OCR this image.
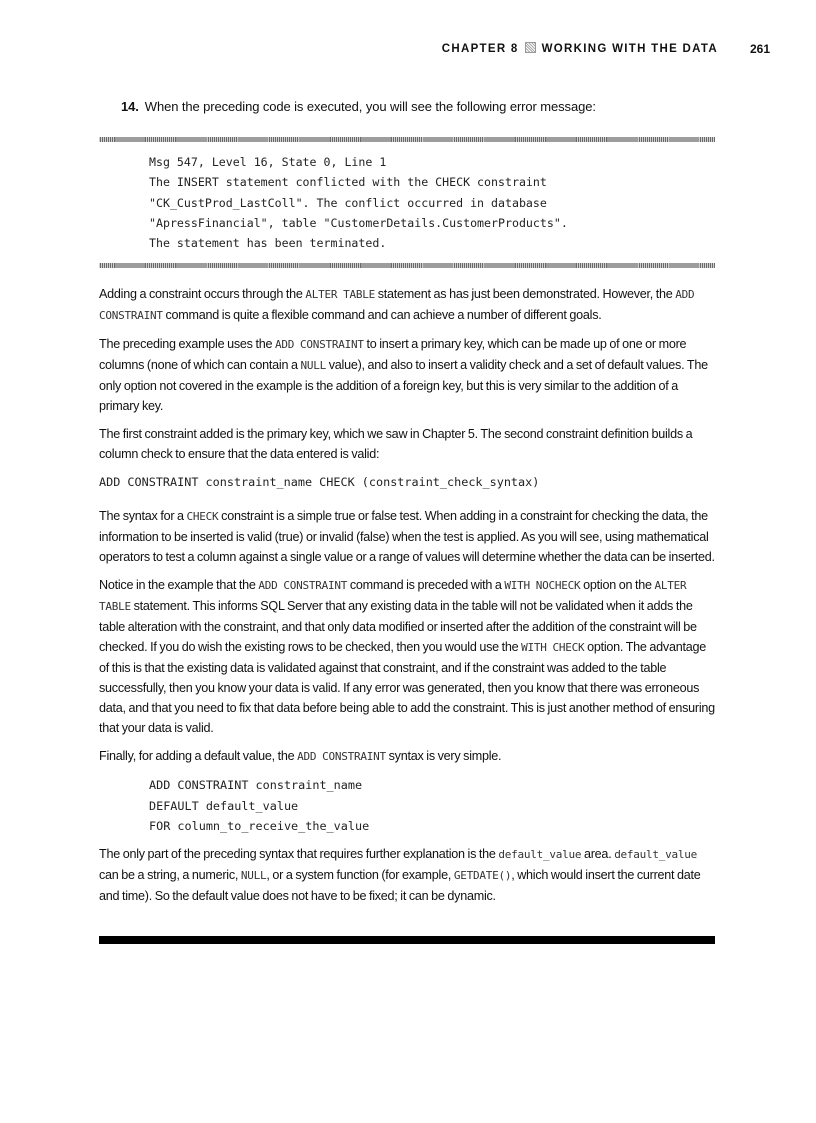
CHAPTER 8 WORKING WITH THE DATA	261
14. When the preceding code is executed, you will see the following error message:
Msg 547, Level 16, State 0, Line 1
The INSERT statement conflicted with the CHECK constraint
"CK_CustProd_LastColl". The conflict occurred in database
"ApressFinancial", table "CustomerDetails.CustomerProducts".
The statement has been terminated.

Adding a constraint occurs through the ALTER TABLE statement as has just been demonstrated. However, the ADD CONSTRAINT command is quite a flexible command and can achieve a number of different goals.

The preceding example uses the ADD CONSTRAINT to insert a primary key, which can be made up of one or more columns (none of which can contain a NULL value), and also to insert a validity check and a set of default values. The only option not covered in the example is the addition of a foreign key, but this is very similar to the addition of a primary key.

The first constraint added is the primary key, which we saw in Chapter 5. The second constraint definition builds a column check to ensure that the data entered is valid:

ADD CONSTRAINT constraint_name CHECK (constraint_check_syntax)

The syntax for a CHECK constraint is a simple true or false test. When adding in a constraint for checking the data, the information to be inserted is valid (true) or invalid (false) when the test is applied. As you will see, using mathematical operators to test a column against a single value or a range of values will determine whether the data can be inserted.

Notice in the example that the ADD CONSTRAINT command is preceded with a WITH NOCHECK option on the ALTER TABLE statement. This informs SQL Server that any existing data in the table will not be validated when it adds the table alteration with the constraint, and that only data modified or inserted after the addition of the constraint will be checked. If you do wish the existing rows to be checked, then you would use the WITH CHECK option. The advantage of this is that the existing data is validated against that constraint, and if the constraint was added to the table successfully, then you know your data is valid. If any error was generated, then you know that there was erroneous data, and that you need to fix that data before being able to add the constraint. This is just another method of ensuring that your data is valid.

Finally, for adding a default value, the ADD CONSTRAINT syntax is very simple.

ADD CONSTRAINT constraint_name
DEFAULT default_value
FOR column_to_receive_the_value

The only part of the preceding syntax that requires further explanation is the default_value area. default_value can be a string, a numeric, NULL, or a system function (for example, GETDATE(), which would insert the current date and time). So the default value does not have to be fixed; it can be dynamic.
